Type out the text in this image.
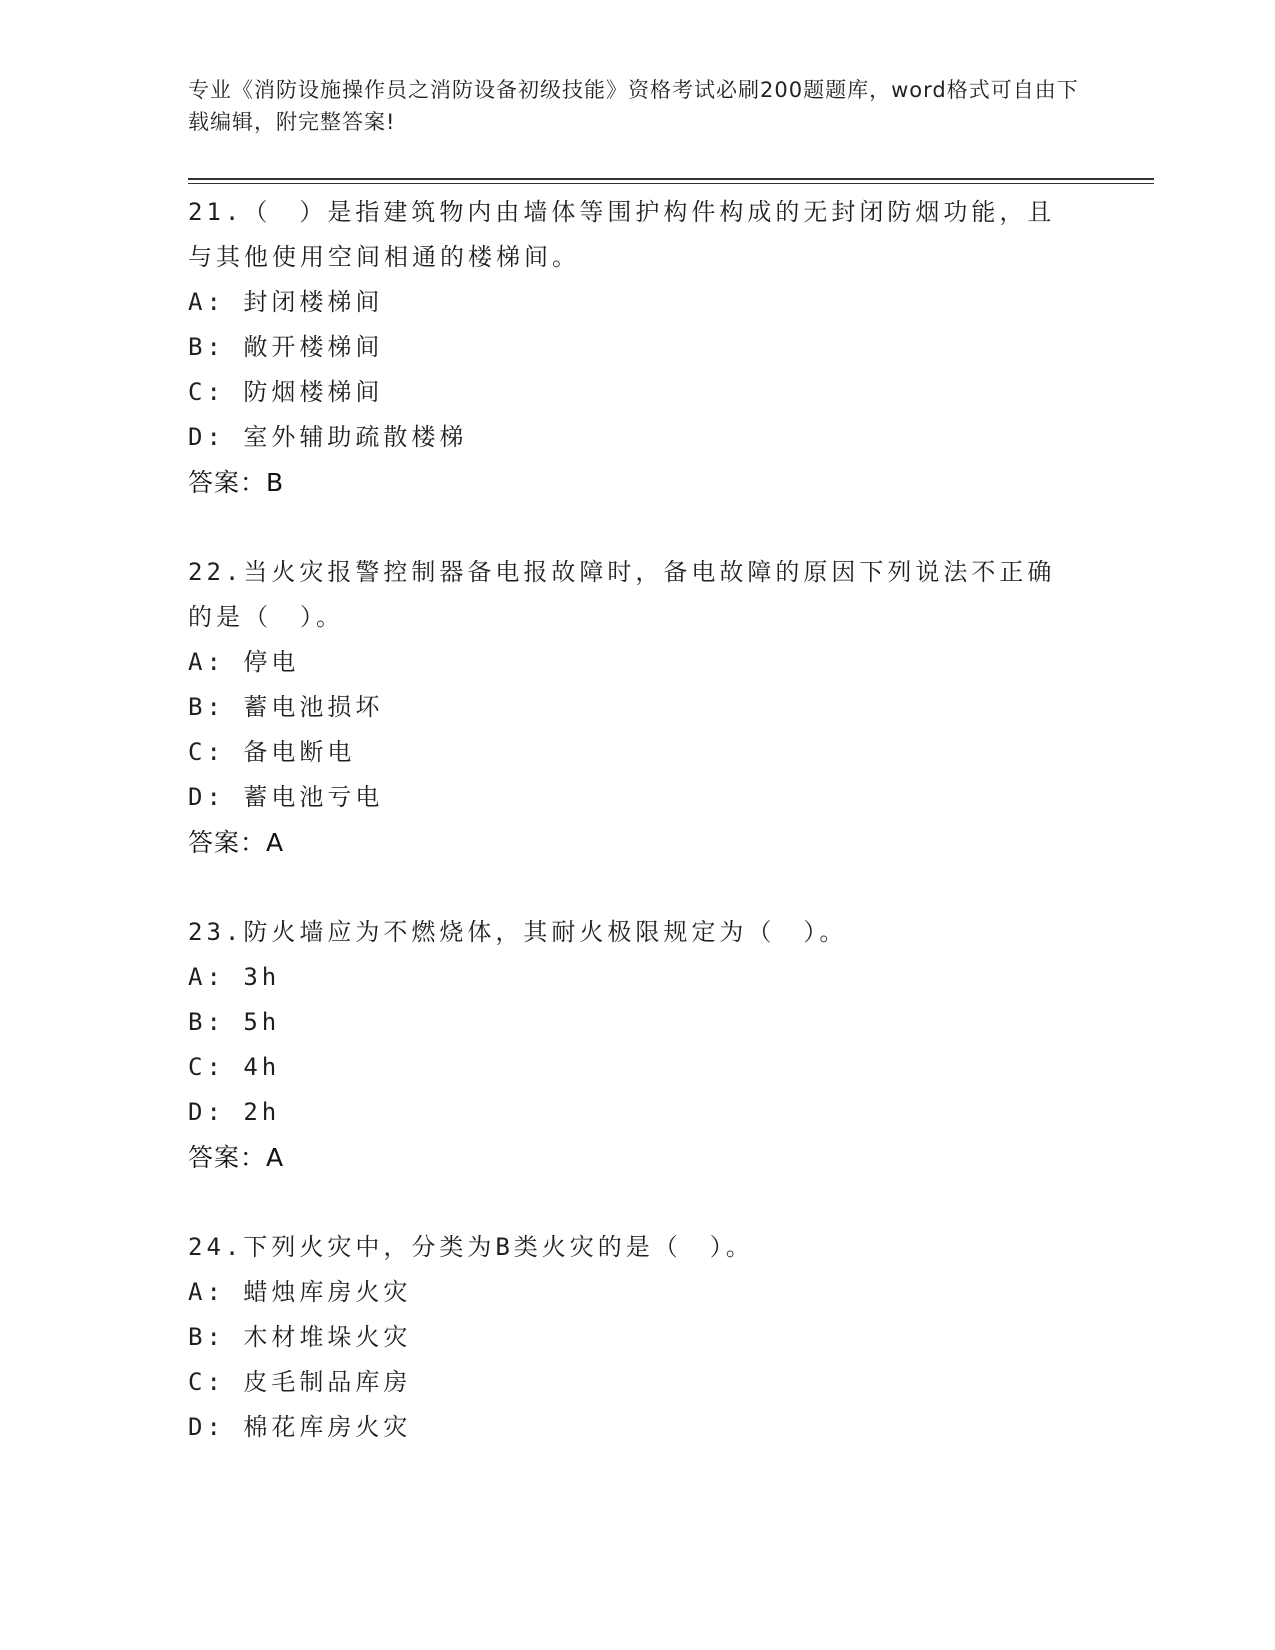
专业《消防设施操作员之消防设备初级技能》资格考试必刷200题题库，word格式可自由下载编辑，附完整答案!
21.（　）是指建筑物内由墙体等围护构件构成的无封闭防烟功能，且与其他使用空间相通的楼梯间。
A: 封闭楼梯间
B: 敞开楼梯间
C: 防烟楼梯间
D: 室外辅助疏散楼梯
答案：B
22.当火灾报警控制器备电报故障时，备电故障的原因下列说法不正确的是（　）。
A: 停电
B: 蓄电池损坏
C: 备电断电
D: 蓄电池亏电
答案：A
23.防火墙应为不燃烧体，其耐火极限规定为（　）。
A: 3h
B: 5h
C: 4h
D: 2h
答案：A
24.下列火灾中，分类为B类火灾的是（　）。
A: 蜡烛库房火灾
B: 木材堆垛火灾
C: 皮毛制品库房
D: 棉花库房火灾
